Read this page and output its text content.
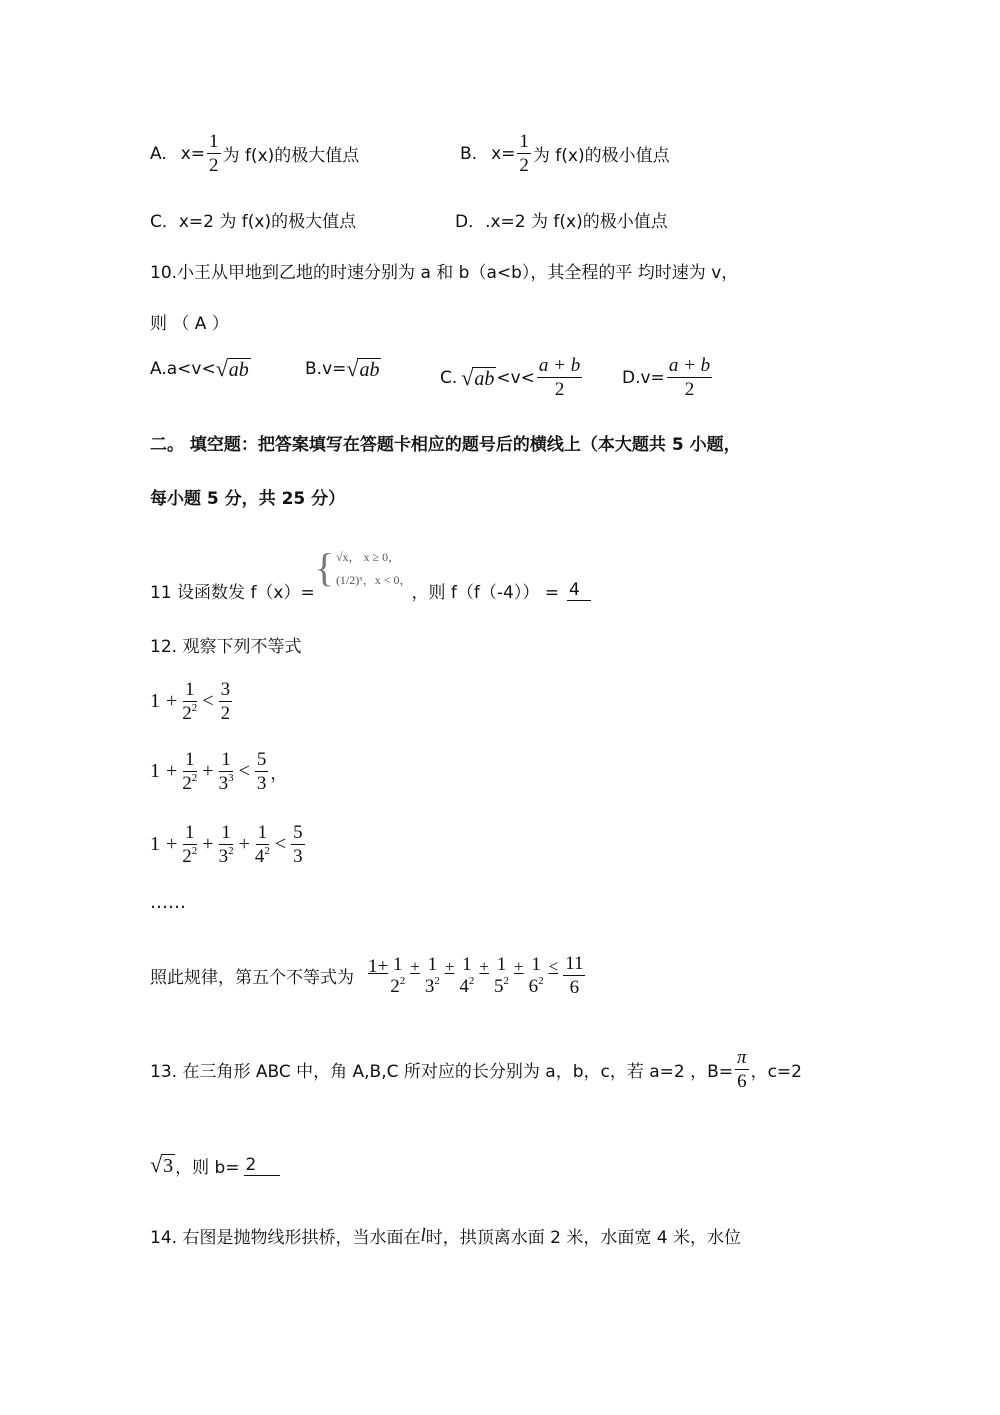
A. $x= \frac{1}{2}$ 为 f(x)的极大值点	B. $x= \frac{1}{2}$ 为 f(x)的极小值点
C．x=2 为 f(x)的极大值点	D．.x=2 为 f(x)的极小值点
10.小王从甲地到乙地的时速分别为 a 和 b（a<b），其全程的平 均时速为 v，
则 （ A ）
A.a<v< √ ab	B.v= √ ab	C. √ ab $<v< \frac{a + b}{2} D.v= \frac{a + b}{2}$
二。 填空题：把答案填写在答题卡相应的题号后的横线上（本大题共 5 小题，
每小题 5 分，共 25 分）
11 设函数发 f（x）=
{ √x， x ≥ 0，
(1/2)ˣ，x < 0，
，则 f（f（-4）） = 4
12. 观察下列不等式
$1 + \frac{1}{2^2} < \frac{3}{2}$
$1 + \frac{1}{2^2} + \frac{1}{3^3} < \frac{5}{3}$ ，
$1 + \frac{1}{2^2} + \frac{1}{3^2} + \frac{1}{4^2} < \frac{5}{3}$
……
照此规律，第五个不等式为
1+ 1
$2^2$
+ 1
$3^2$
+ 1
$4^2$
+ 1
$5^2$
+ 1
$6^2$
< $\frac{11}{6}$
13. 在三角形 ABC 中，角 A,B,C 所对应的长分别为 a，b，c，若 a=2 ，$B= \frac{\pi}{6}$ ，c=2
√ 3 ，则 b= 2
14. 右图是抛物线形拱桥，当水面在 l 时，拱顶离水面 2 米，水面宽 4 米，水位
